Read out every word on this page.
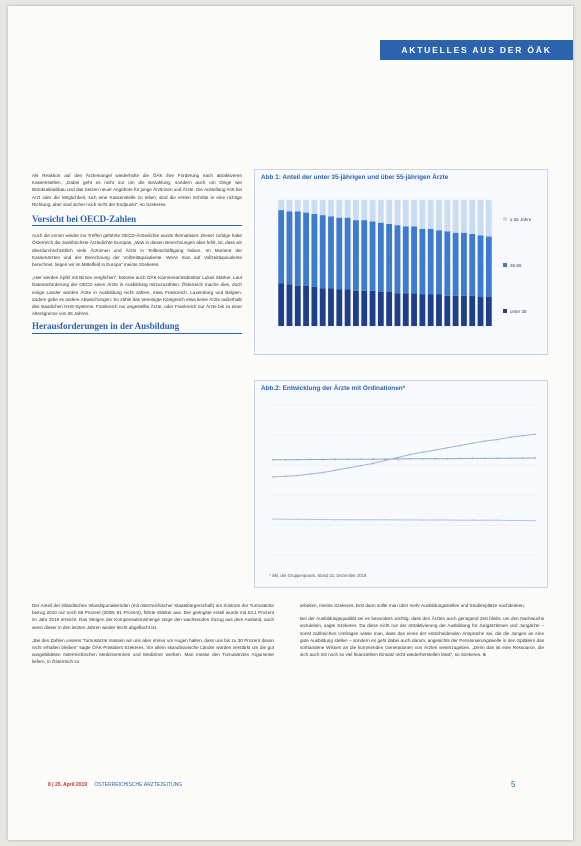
AKTUELLES AUS DER ÖÄK

Als Reaktion auf den Ärztemangel wiederholte die ÖÄK ihre Forderung nach attraktiveren Kassenstellen. „Dabei geht es nicht nur um die Bezahlung, sondern auch um Dinge wie Bürokratieabbau und das Setzen neuer Angebote für junge Ärztinnen und Ärzte. Die Anstellung Arzt bei Arzt oder die Möglichkeit, sich eine Kassenstelle zu teilen, sind die ersten Schritte in eine richtige Richtung, aber sind sicher noch nicht der Endpunkt“, so Szekeres.

Vorsicht bei OECD-Zahlen

Auch die immer wieder ins Treffen geführte OECD-Ärztedichte wurde thematisiert. Dieser zufolge habe Österreich die zweithöchste Ärztedichte Europas. „Was in diesen Berechnungen aber fehlt, ist, dass wir überdurchschnittlich viele Ärztinnen und Ärzte in Teilbeschäftigung haben. Im Moment der Kassenärzten und der Berechnung der Vollzeitäquivalente. Wenn man auf Vollzeitäquivalente berechnet, liegen wir im Mittelfeld in Europa“ meinte Szekeres.

„Hier werden Äpfel mit Birnen verglichen“, betonte auch ÖÄK-Kammeramtsdirektor Lukas Stärker. Laut Datenanforderung der OECD seien Ärzte in Ausbildung mitzuzuzählen. Österreich mache dies, doch einige Länder würden Ärzte in Ausbildung nicht zählen, etwa Frankreich, Luxemburg und Belgien. Zudem gebe es andere Abweichungen: So zähle das Vereinigte Königreich etwa keine Ärzte außerhalb des staatlichen NHS-Systems. Frankreich nur angestellte Ärzte, oder Frankreich nur Ärzte bis zu einer Altersgrenze von 65 Jahren.

Herausforderungen in der Ausbildung
Abb 1: Anteil der unter 35-jährigen und über 55-jährigen Ärzte
≥ 55 Jahre
35-55
unter 35
Abb.2: Entwicklung der Ärzte mit Ordinationen*
* inkl. der Gruppenpraxis, Stand 31. Dezember 2018

Der Anteil der inländischen Inlandsjurnaliernden (mit österreichischer Staatsbürgerschaft) am Zustrom der Turnusärzte betrug 2010 nur noch 69 Prozent (2008: 81 Prozent), führte Stärker aus. Der geringste Anteil wurde mit 63,1 Prozent im Jahr 2016 erreicht. Das Steigen der Kompensationsmenge zeige den wachsenden Zuzug aus dem Ausland, auch wenn dieser in den letzten Jahren wieder leicht abgeflacht ist.

„Bei den Zahlen unserer Turnusärzte müssen wir uns aber immer vor Augen halten, dass uns bis zu 30 Prozent davon nicht erhalten bleiben“ sagte ÖÄK-Präsident Szekeres. Vor allem skandinavische Länder würden verstärkt um die gut ausgebildeten österreichischen Medizinerinnen und Mediziner werben. Man müsse den Turnusärzten Argumente liefern, in Österreich zu

arbeiten, meinte Szekeres. Erst dann sollte man über mehr Ausbildungsstellen und Studienplätze nachdenken.

Bei der Ausbildungsqualität sei es besonders wichtig, dass den Ärzten auch genügend Zeit bleibt, um den Nachwuchs anzuleiten, sagte Szekeres. Da diese nicht nur der Attraktivierung der Ausbildung für Jungärztinnen und Jungärzte – sonst zahlreichen Umfragen wisse man, dass das eines der entscheidenden Ansprüche sei, die die Jungen an eine gute Ausbildung stellen – sondern es geht dabei auch darum, angesichts der Pensionierungswelle in den Spitälern das vorhandene Wissen an die kommenden Generationen von Ärzten weiterzugeben. „Denn das ist eine Ressource, die sich auch mit noch so viel finanziellem Einsatz nicht wiederherstellen lässt“, so Szekeres. ⊗

8 | 25. April 2019 ÖSTERREICHISCHE ÄRZTEZEITUNG	5
